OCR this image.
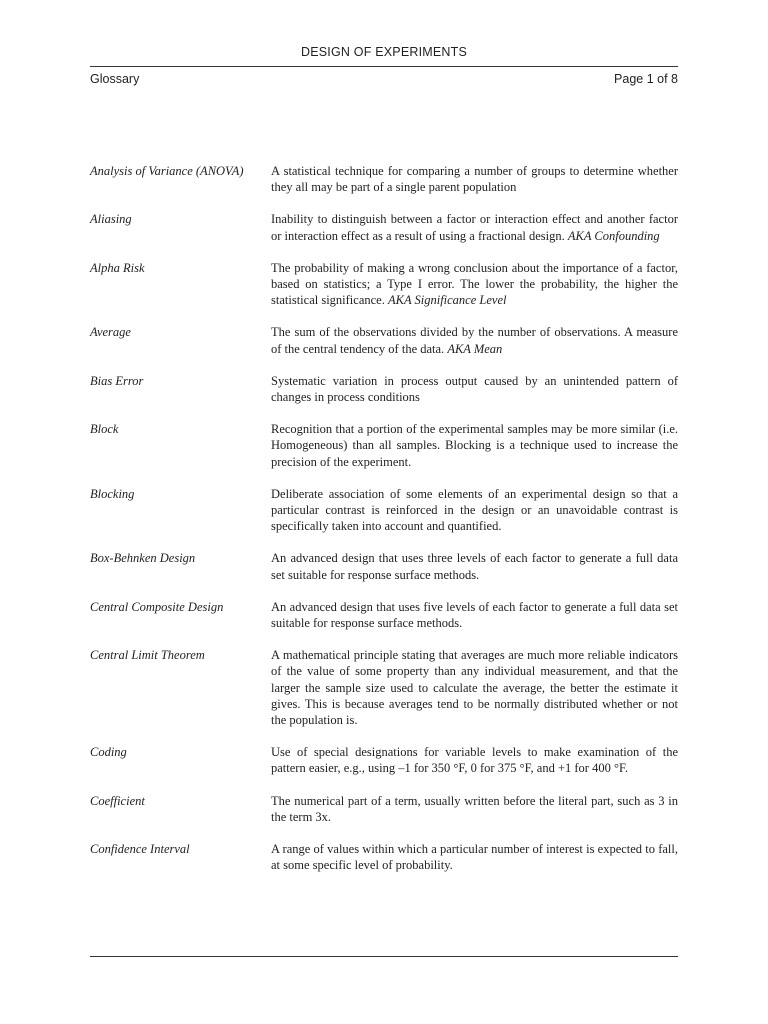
DESIGN OF EXPERIMENTS
Glossary	Page 1 of 8
Analysis of Variance (ANOVA)	A statistical technique for comparing a number of groups to determine whether they all may be part of a single parent population
Aliasing	Inability to distinguish between a factor or interaction effect and another factor or interaction effect as a result of using a fractional design. AKA Confounding
Alpha Risk	The probability of making a wrong conclusion about the importance of a factor, based on statistics; a Type I error. The lower the probability, the higher the statistical significance. AKA Significance Level
Average	The sum of the observations divided by the number of observations. A measure of the central tendency of the data. AKA Mean
Bias Error	Systematic variation in process output caused by an unintended pattern of changes in process conditions
Block	Recognition that a portion of the experimental samples may be more similar (i.e. Homogeneous) than all samples. Blocking is a technique used to increase the precision of the experiment.
Blocking	Deliberate association of some elements of an experimental design so that a particular contrast is reinforced in the design or an unavoidable contrast is specifically taken into account and quantified.
Box-Behnken Design	An advanced design that uses three levels of each factor to generate a full data set suitable for response surface methods.
Central Composite Design	An advanced design that uses five levels of each factor to generate a full data set suitable for response surface methods.
Central Limit Theorem	A mathematical principle stating that averages are much more reliable indicators of the value of some property than any individual measurement, and that the larger the sample size used to calculate the average, the better the estimate it gives. This is because averages tend to be normally distributed whether or not the population is.
Coding	Use of special designations for variable levels to make examination of the pattern easier, e.g., using –1 for 350 °F, 0 for 375 °F, and +1 for 400 °F.
Coefficient	The numerical part of a term, usually written before the literal part, such as 3 in the term 3x.
Confidence Interval	A range of values within which a particular number of interest is expected to fall, at some specific level of probability.
